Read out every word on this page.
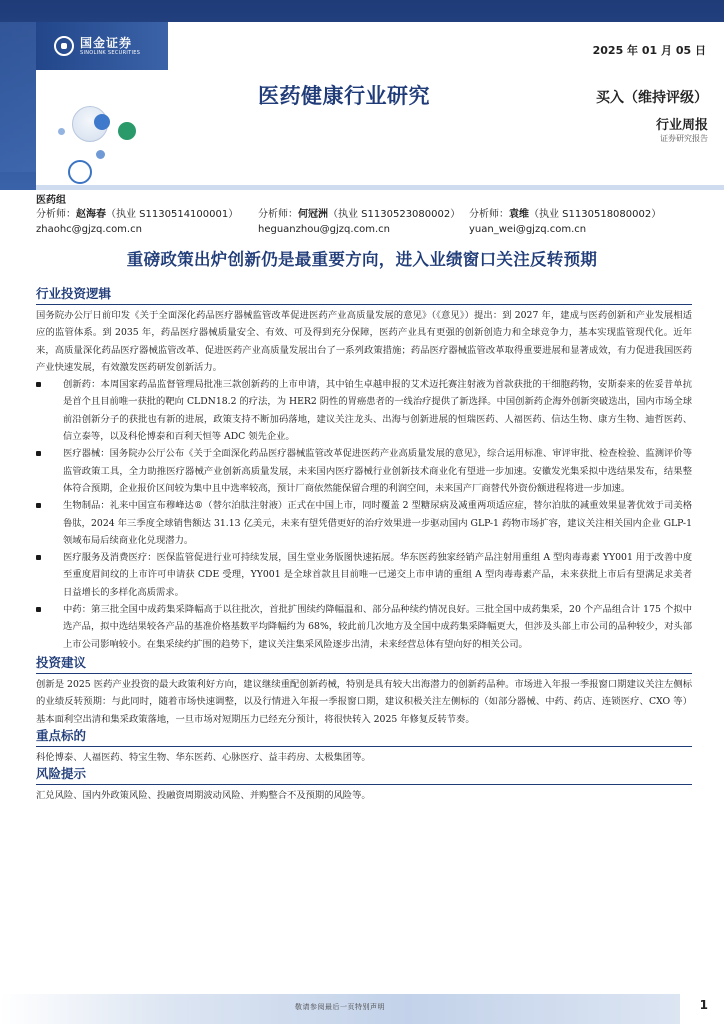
国金证券
SINOLINK SECURITIES	2025 年 01 月 05 日
医药健康行业研究	买入（维持评级）
行业周报
证券研究报告
医药组
分析师：赵海春（执业 S1130514100001）
zhaohc@gjzq.com.cn
分析师：何冠洲（执业 S1130523080002）
heguanzhou@gjzq.com.cn
分析师：袁维（执业 S1130518080002）
yuan_wei@gjzq.com.cn
重磅政策出炉创新仍是最重要方向，进入业绩窗口关注反转预期
行业投资逻辑

国务院办公厅日前印发《关于全面深化药品医疗器械监管改革促进医药产业高质量发展的意见》（《意见》）提出：到 2027 年，建成与医药创新和产业发展相适应的监管体系。到 2035 年，药品医疗器械质量安全、有效、可及得到充分保障，医药产业具有更强的创新创造力和全球竞争力，基本实现监管现代化。近年来，高质量深化药品医疗器械监管改革、促进医药产业高质量发展出台了一系列政策措施；药品医疗器械监管改革取得重要进展和显著成效，有力促进我国医药产业快速发展，有效激发医药研发创新活力。

创新药：本周国家药品监督管理局批准三款创新药的上市申请，其中铂生卓越申报的艾术迈托赛注射液为首款获批的干细胞药物，安斯泰来的佐妥昔单抗是首个且目前唯一获批的靶向 CLDN18.2 的疗法，为 HER2 阴性的胃癌患者的一线治疗提供了新选择。中国创新药企海外创新突破迭出，国内市场全球前沿创新分子的获批也有新的进展，政策支持不断加码落地，建议关注龙头、出海与创新进展的恒瑞医药、人福医药、信达生物、康方生物、迪哲医药、信立泰等，以及科伦博泰和百利天恒等 ADC 领先企业。
医疗器械：国务院办公厅公布《关于全面深化药品医疗器械监管改革促进医药产业高质量发展的意见》，综合运用标准、审评审批、检查检验、监测评价等监管政策工具，全力助推医疗器械产业创新高质量发展，未来国内医疗器械行业创新技术商业化有望进一步加速。安徽发光集采拟中选结果发布，结果整体符合预期，企业报价区间较为集中且中选率较高，预计厂商依然能保留合理的利润空间，未来国产厂商替代外资份额进程将进一步加速。
生物制品：礼来中国宣布穆峰达®（替尔泊肽注射液）正式在中国上市，同时覆盖 2 型糖尿病及减重两项适应症，替尔泊肽的减重效果显著优效于司美格鲁肽，2024 年三季度全球销售额达 31.13 亿美元，未来有望凭借更好的治疗效果进一步驱动国内 GLP-1 药物市场扩容，建议关注相关国内企业 GLP-1 领域布局后续商业化兑现潜力。
医疗服务及消费医疗：医保监管促进行业可持续发展，国生堂业务版图快速拓展。华东医药独家经销产品注射用重组 A 型肉毒毒素 YY001 用于改善中度至重度眉间纹的上市许可申请获 CDE 受理，YY001 是全球首款且目前唯一已递交上市申请的重组 A 型肉毒毒素产品，未来获批上市后有望满足求美者日益增长的多样化高质需求。
中药：第三批全国中成药集采降幅高于以往批次，首批扩围续约降幅温和、部分品种续约情况良好。三批全国中成药集采，20 个产品组合计 175 个拟中选产品，拟中选结果较各产品的基准价格基数平均降幅约为 68%，较此前几次地方及全国中成药集采降幅更大，但涉及头部上市公司的品种较少，对头部上市公司影响较小。在集采续约扩围的趋势下，建议关注集采风险逐步出清，未来经营总体有望向好的相关公司。
投资建议

创新是 2025 医药产业投资的最大政策利好方向，建议继续重配创新药械，特别是具有较大出海潜力的创新药品种。市场进入年报一季报窗口期建议关注左侧标的业绩反转预期：与此同时，随着市场快速调整，以及行情进入年报一季报窗口期，建议积极关注左侧标的（如部分器械、中药、药店、连锁医疗、CXO 等）基本面利空出清和集采政策落地，一旦市场对短期压力已经充分预计，将很快转入 2025 年修复反转节奏。

重点标的

科伦博泰、人福医药、特宝生物、华东医药、心脉医疗、益丰药房、太极集团等。

风险提示

汇兑风险、国内外政策风险、投融资周期波动风险、并购整合不及预期的风险等。

敬请参阅最后一页特别声明	1
